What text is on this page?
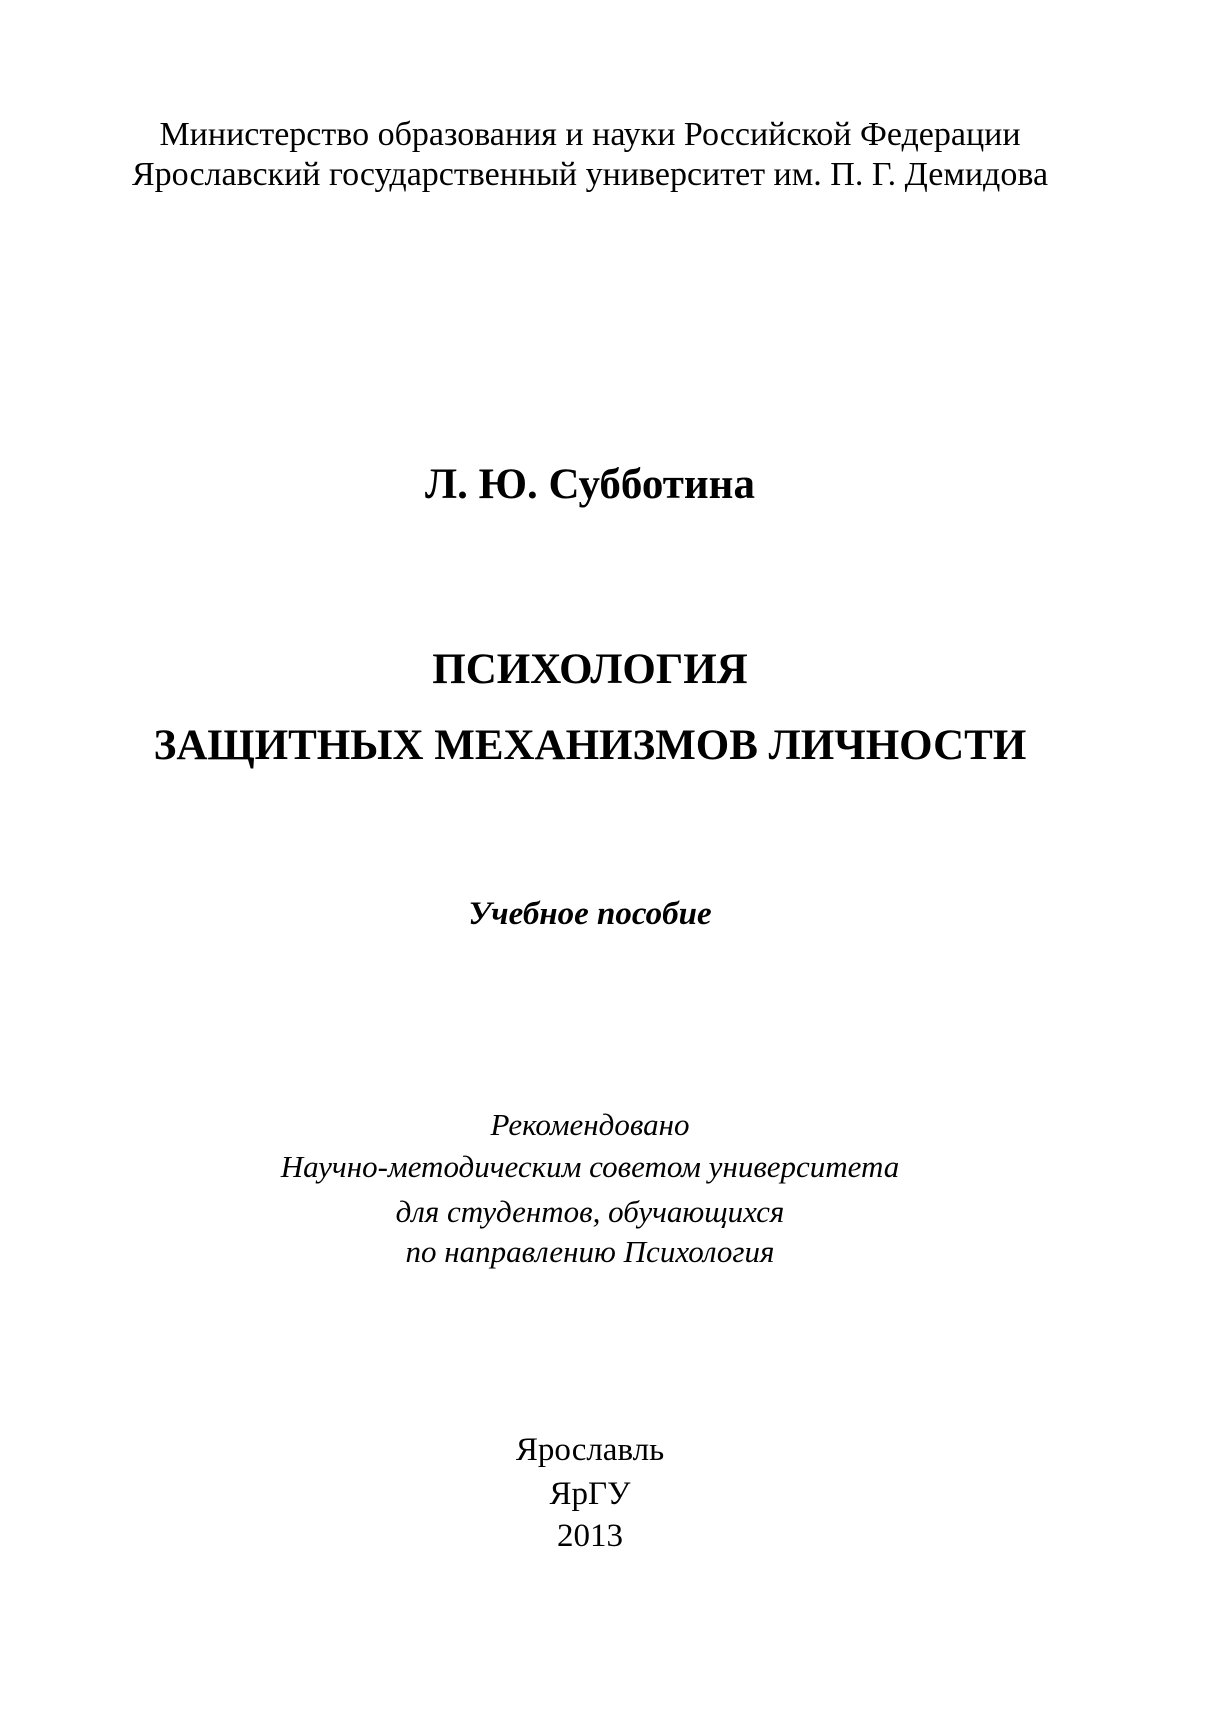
Министерство образования и науки Российской Федерации
Ярославский государственный университет им. П. Г. Демидова
Л. Ю. Субботина
ПСИХОЛОГИЯ
ЗАЩИТНЫХ МЕХАНИЗМОВ ЛИЧНОСТИ
Учебное пособие
Рекомендовано
Научно-методическим советом университета
для студентов, обучающихся
по направлению Психология
Ярославль
ЯрГУ
2013
